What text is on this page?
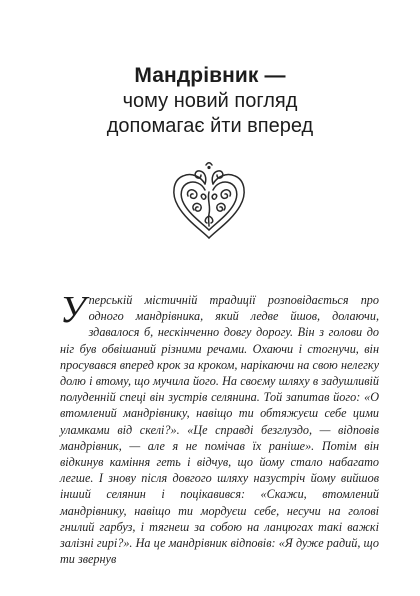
Мандрівник —
чому новий погляд
допомагає йти вперед
Уперській містичній традиції розповідається про одного мандрівника, який ледве йшов, долаючи, здавалося б, нескінченно довгу дорогу. Він з голови до ніг був обвішаний різними речами. Охаючи і стогнучи, він просувався вперед крок за кроком, нарікаючи на свою нелегку долю і втому, що мучила його. На своєму шляху в задушливій полуденній спеці він зустрів селянина. Той запитав його: «О втомлений мандрівнику, навіщо ти обтяжуєш себе цими уламками від скелі?». «Це справді безглуздо, — відповів мандрівник, — але я не помічав їх раніше». Потім він відкинув каміння геть і відчув, що йому стало набагато легше. І знову після довгого шляху назустріч йому вийшов інший селянин і поцікавився: «Скажи, втомлений мандрівнику, навіщо ти мордуєш себе, несучи на голові гнилий гарбуз, і тягнеш за собою на ланцюгах такі важкі залізні гирі?». На це мандрівник відповів: «Я дуже радий, що ти звернув
